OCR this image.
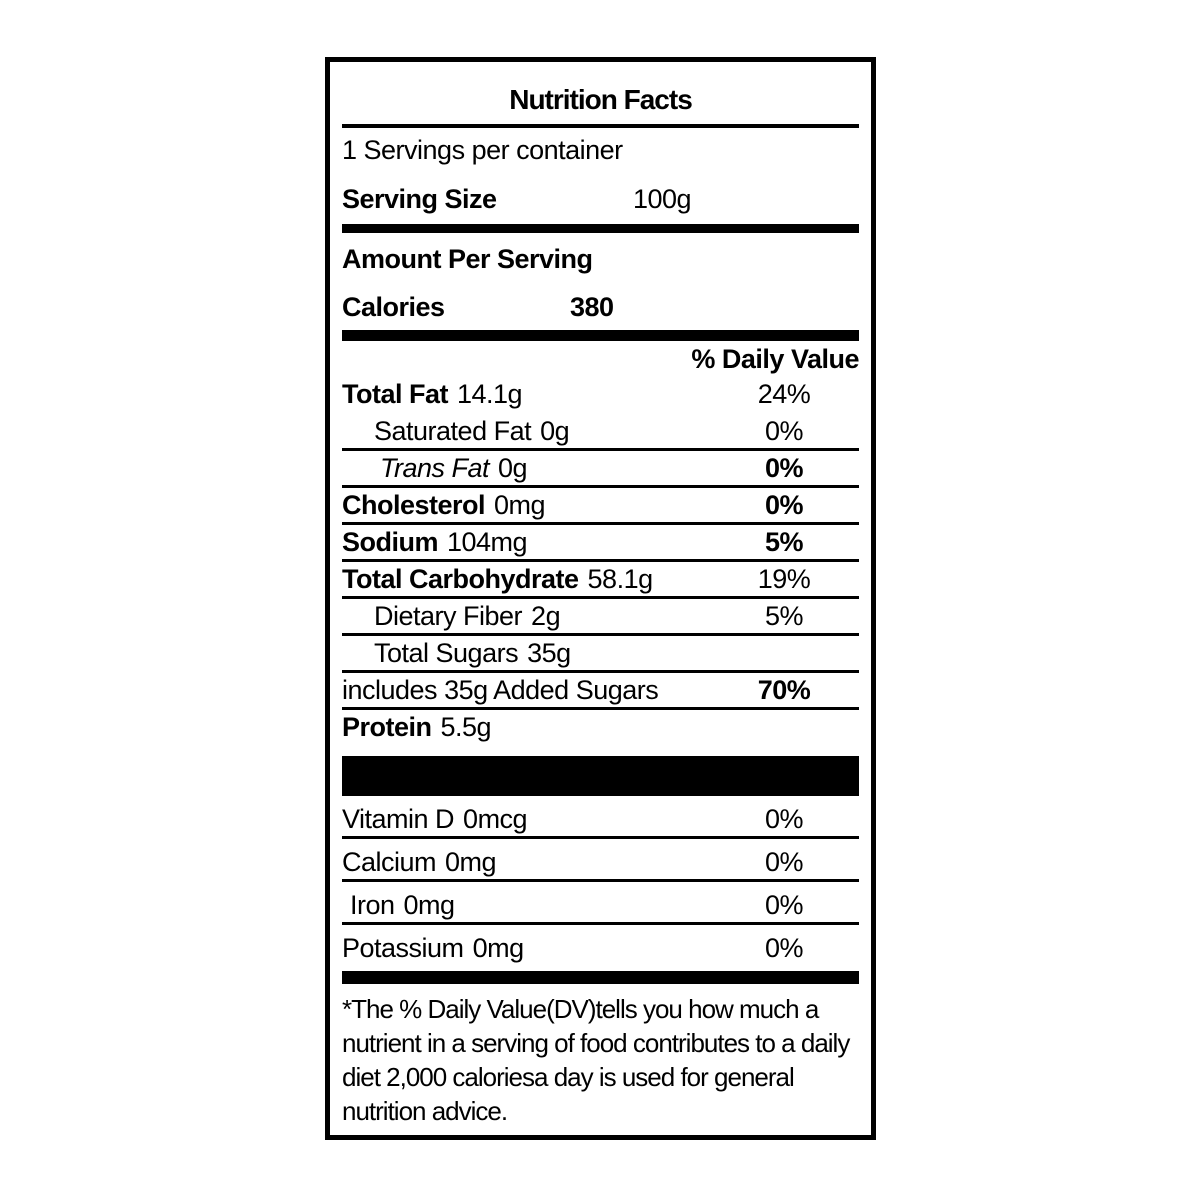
Nutrition Facts
1 Servings per container
Serving Size	100g
Amount Per Serving
Calories	380
% Daily Value
Total Fat 14.1g	24%
Saturated Fat 0g	0%
Trans Fat 0g	0%
Cholesterol 0mg	0%
Sodium 104mg	5%
Total Carbohydrate 58.1g	19%
Dietary Fiber 2g	5%
Total Sugars 35g
includes 35g Added Sugars	70%
Protein 5.5g
Vitamin D 0mcg	0%
Calcium 0mg	0%
Iron 0mg	0%
Potassium 0mg	0%
*The % Daily Value(DV)tells you how much a nutrient in a serving of food contributes to a daily diet 2,000 caloriesa day is used for general nutrition advice.
